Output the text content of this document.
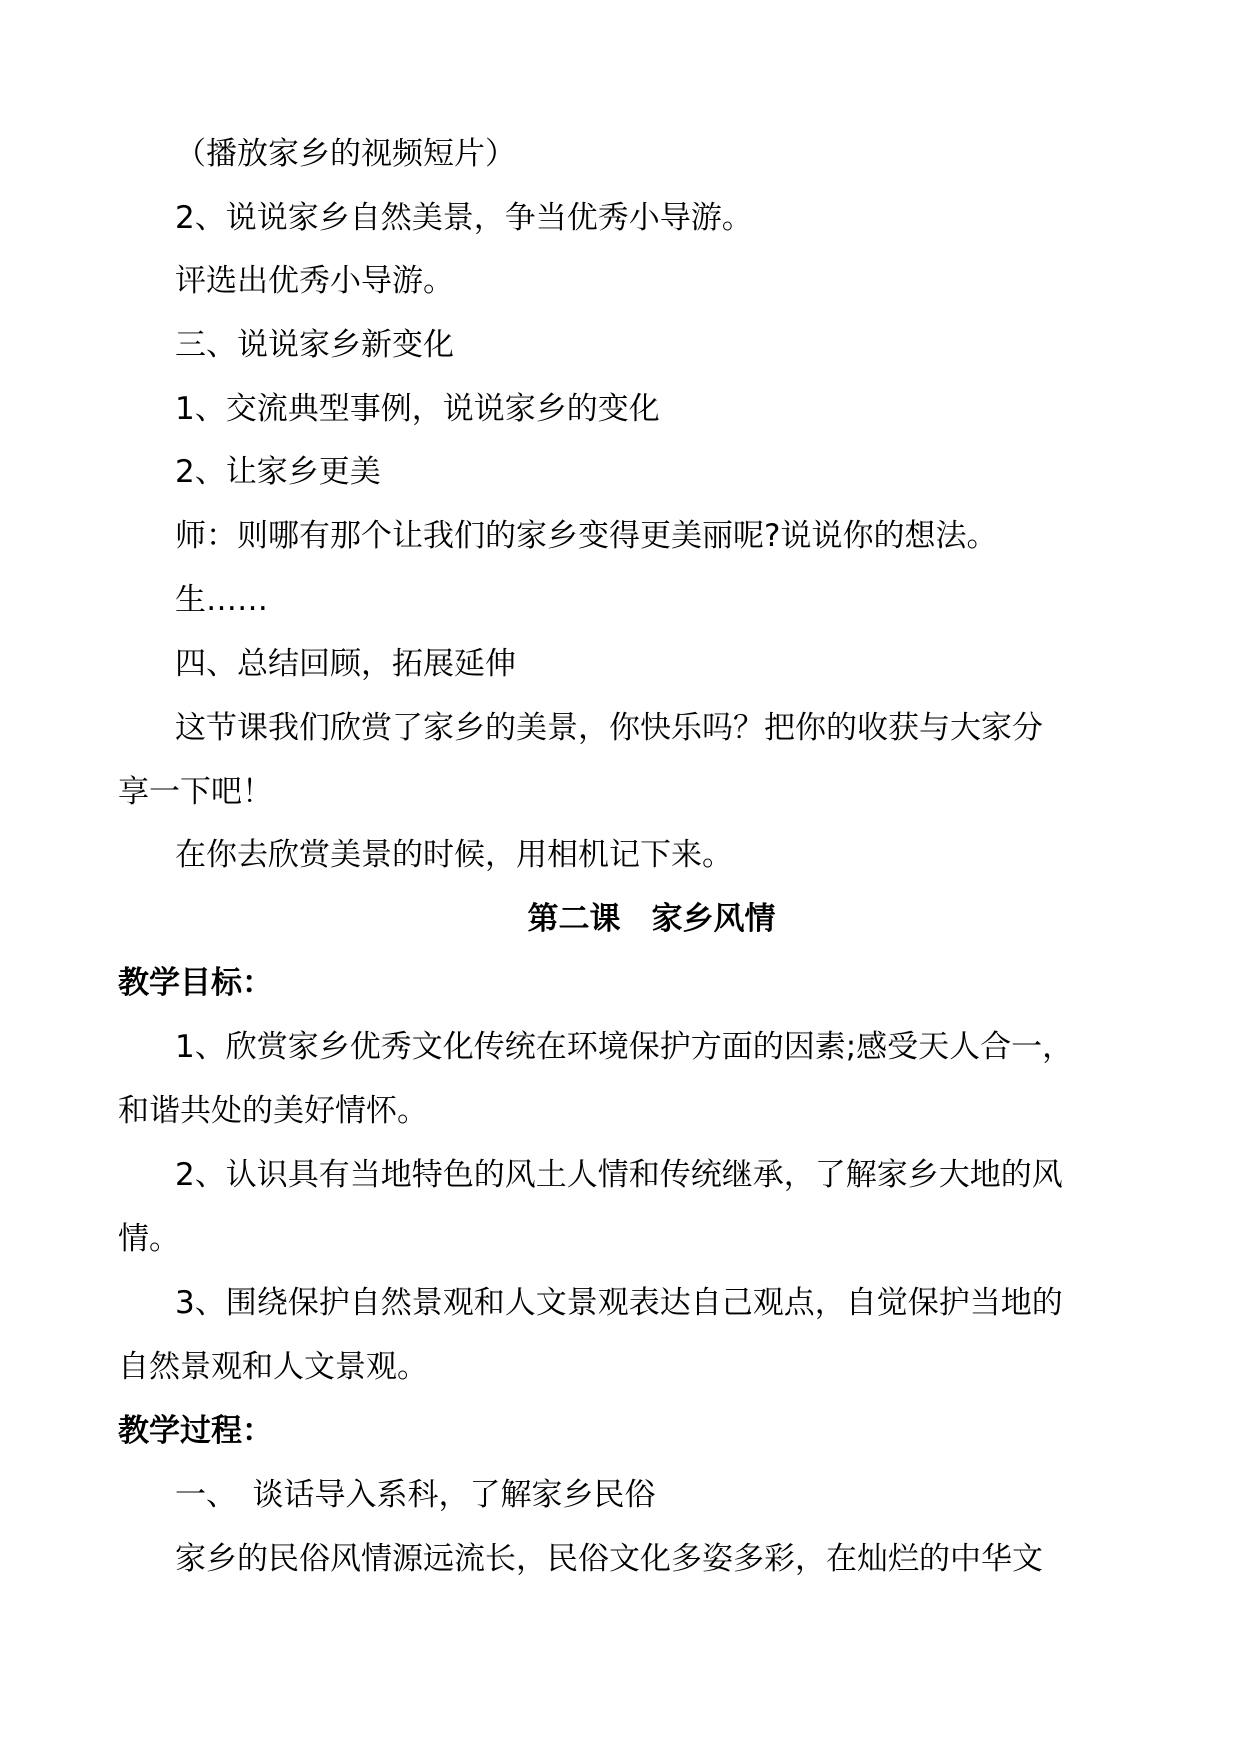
（播放家乡的视频短片）
2、说说家乡自然美景，争当优秀小导游。
评选出优秀小导游。
三、说说家乡新变化
1、交流典型事例，说说家乡的变化
2、让家乡更美
师：则哪有那个让我们的家乡变得更美丽呢?说说你的想法。
生……
四、总结回顾，拓展延伸
这节课我们欣赏了家乡的美景，你快乐吗？把你的收获与大家分
享一下吧！
在你去欣赏美景的时候，用相机记下来。
第二课　家乡风情
教学目标：
1、欣赏家乡优秀文化传统在环境保护方面的因素;感受天人合一，
和谐共处的美好情怀。
2、认识具有当地特色的风土人情和传统继承，了解家乡大地的风
情。
3、围绕保护自然景观和人文景观表达自己观点，自觉保护当地的
自然景观和人文景观。
教学过程：
一、　谈话导入系科，了解家乡民俗
家乡的民俗风情源远流长，民俗文化多姿多彩，在灿烂的中华文
